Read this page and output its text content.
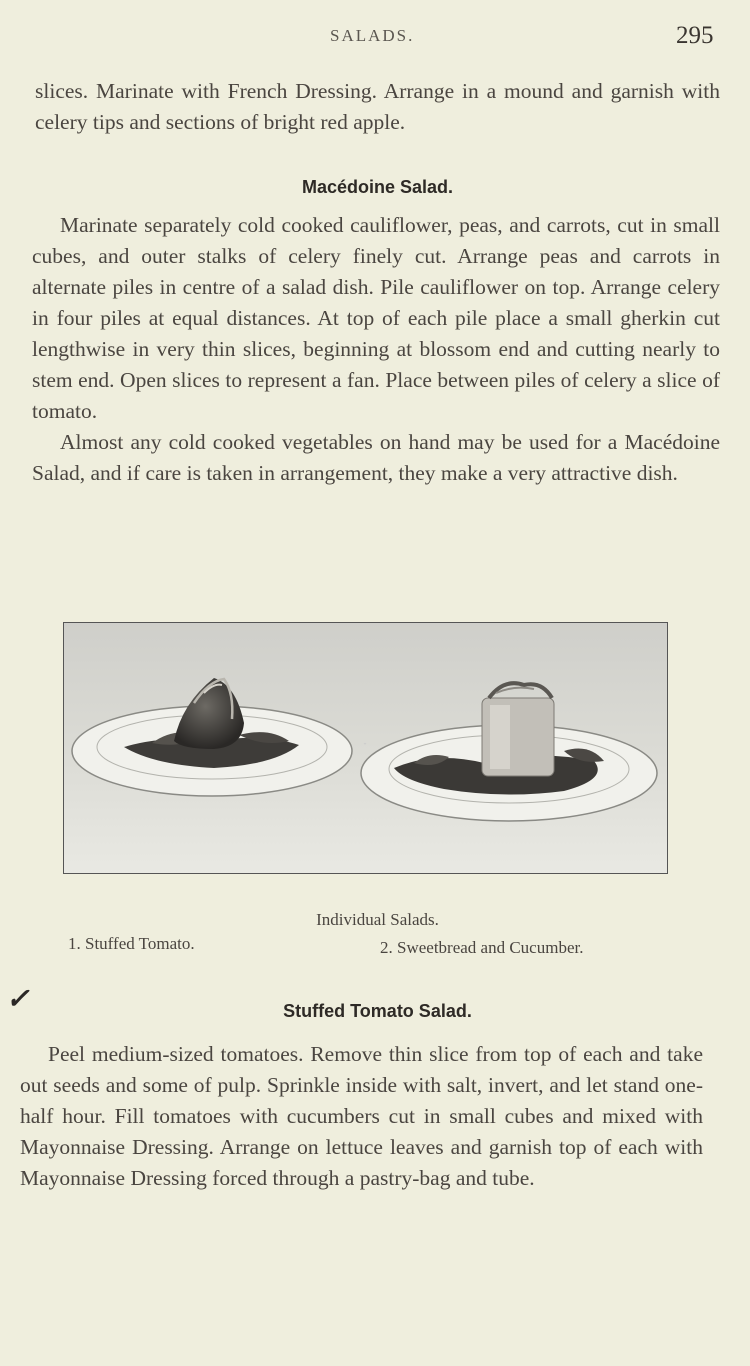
SALADS.	295

slices. Marinate with French Dressing. Arrange in a mound and garnish with celery tips and sections of bright red apple.

Macédoine Salad.

Marinate separately cold cooked cauliflower, peas, and carrots, cut in small cubes, and outer stalks of celery finely cut. Arrange peas and carrots in alternate piles in centre of a salad dish. Pile cauliflower on top. Arrange celery in four piles at equal distances. At top of each pile place a small gherkin cut lengthwise in very thin slices, beginning at blossom end and cutting nearly to stem end. Open slices to represent a fan. Place between piles of celery a slice of tomato.

Almost any cold cooked vegetables on hand may be used for a Macédoine Salad, and if care is taken in arrangement, they make a very attractive dish.

Individual Salads.
1. Stuffed Tomato.	2. Sweetbread and Cucumber.
✓	Stuffed Tomato Salad.

Peel medium-sized tomatoes. Remove thin slice from top of each and take out seeds and some of pulp. Sprinkle inside with salt, invert, and let stand one-half hour. Fill tomatoes with cucumbers cut in small cubes and mixed with Mayonnaise Dressing. Arrange on lettuce leaves and garnish top of each with Mayonnaise Dressing forced through a pastry-bag and tube.
